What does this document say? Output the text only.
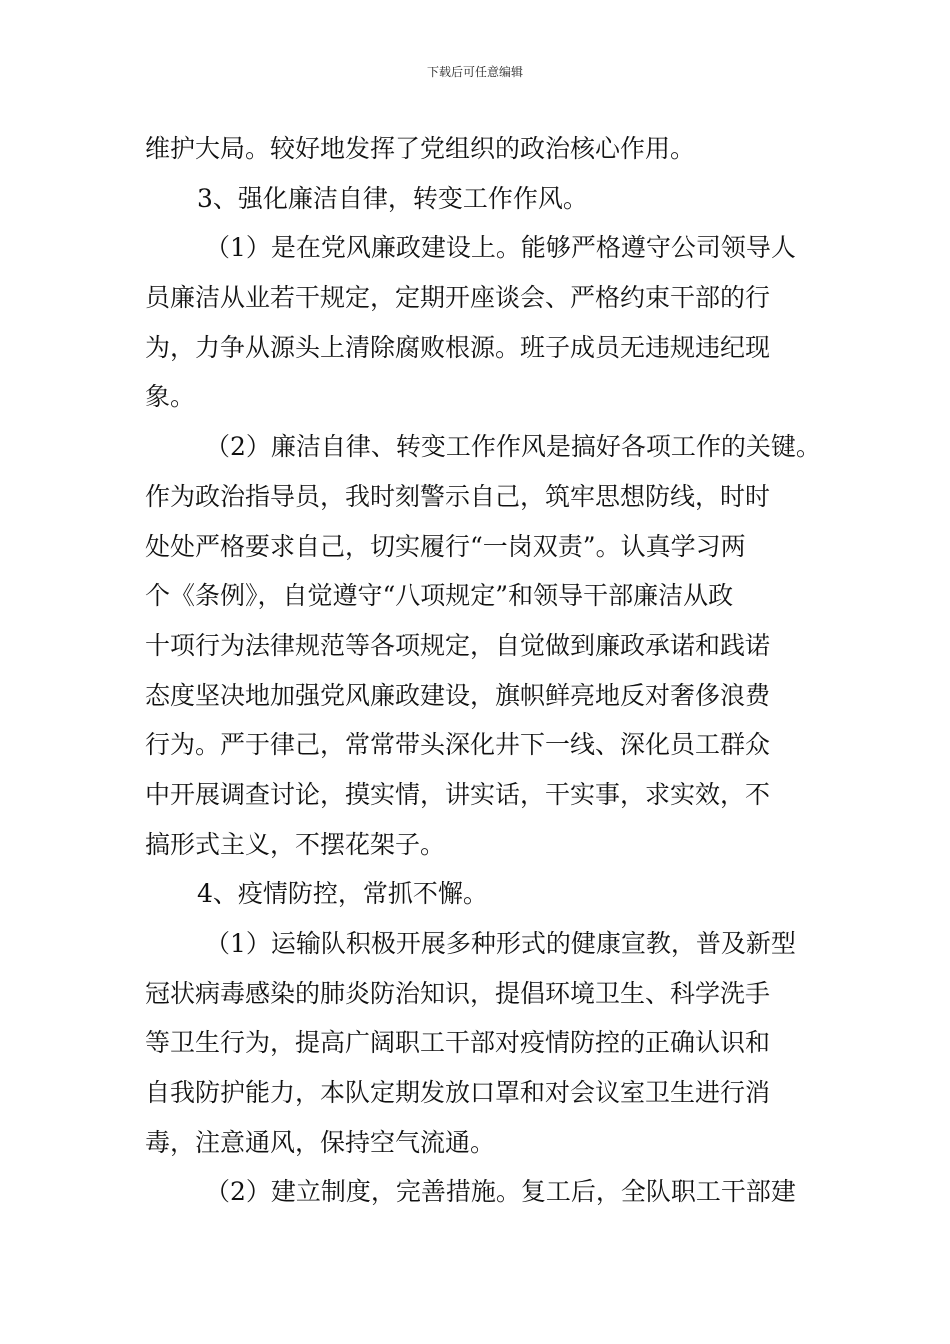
下载后可任意编辑
维护大局。较好地发挥了党组织的政治核心作用。
3、强化廉洁自律，转变工作作风。
（1）是在党风廉政建设上。能够严格遵守公司领导人
员廉洁从业若干规定，定期开座谈会、严格约束干部的行
为，力争从源头上清除腐败根源。班子成员无违规违纪现
象。
（2）廉洁自律、转变工作作风是搞好各项工作的关键。
作为政治指导员，我时刻警示自己，筑牢思想防线，时时
处处严格要求自己，切实履行“一岗双责”。认真学习两
个《条例》，自觉遵守“八项规定”和领导干部廉洁从政
十项行为法律规范等各项规定，自觉做到廉政承诺和践诺
态度坚决地加强党风廉政建设，旗帜鲜亮地反对奢侈浪费
行为。严于律己，常常带头深化井下一线、深化员工群众
中开展调查讨论，摸实情，讲实话，干实事，求实效，不
搞形式主义，不摆花架子。
4、疫情防控，常抓不懈。
（1）运输队积极开展多种形式的健康宣教，普及新型
冠状病毒感染的肺炎防治知识，提倡环境卫生、科学洗手
等卫生行为，提高广阔职工干部对疫情防控的正确认识和
自我防护能力，本队定期发放口罩和对会议室卫生进行消
毒，注意通风，保持空气流通。
（2）建立制度，完善措施。复工后，全队职工干部建
